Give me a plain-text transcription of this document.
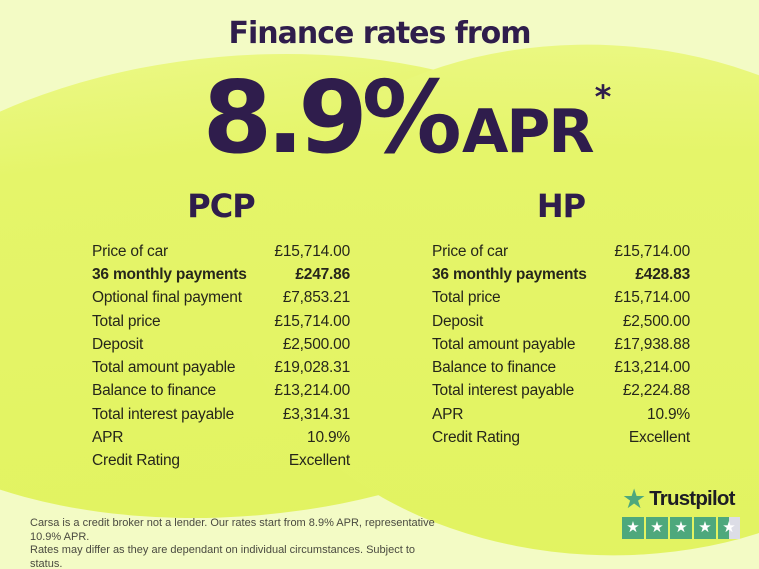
Finance rates from
8.9% APR *
PCP
Price of car	£15,714.00
36 monthly payments	£247.86
Optional final payment	£7,853.21
Total price	£15,714.00
Deposit	£2,500.00
Total amount payable	£19,028.31
Balance to finance	£13,214.00
Total interest payable	£3,314.31
APR	10.9%
Credit Rating	Excellent
HP
Price of car	£15,714.00
36 monthly payments	£428.83
Total price	£15,714.00
Deposit	£2,500.00
Total amount payable	£17,938.88
Balance to finance	£13,214.00
Total interest payable	£2,224.88
APR	10.9%
Credit Rating	Excellent
Carsa is a credit broker not a lender. Our rates start from 8.9% APR, representative 10.9% APR.
Rates may differ as they are dependant on individual circumstances. Subject to status.
★ Trustpilot
★ ★ ★ ★ ★
